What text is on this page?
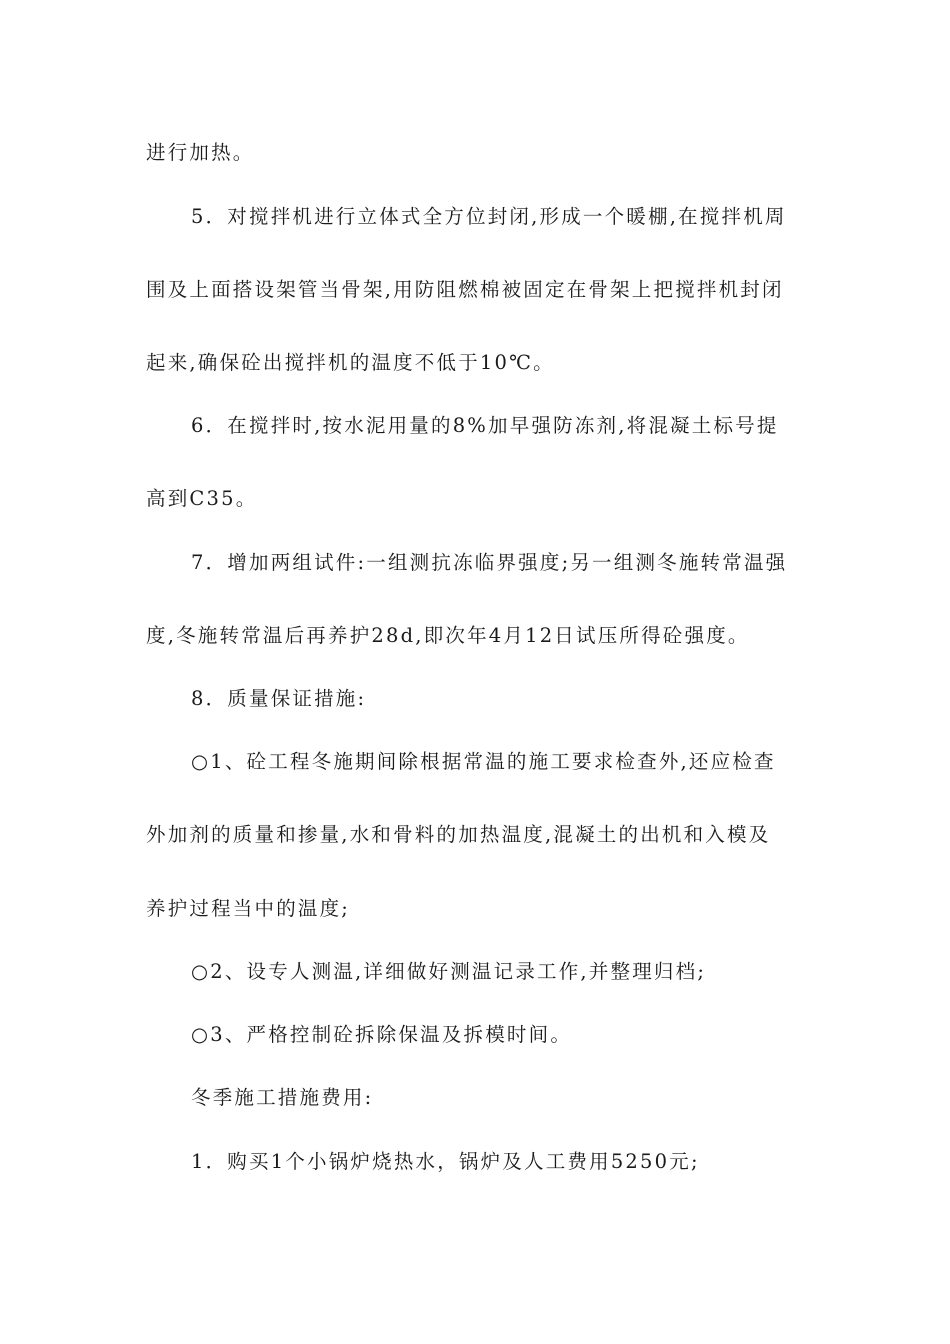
进行加热。
5．对搅拌机进行立体式全方位封闭,形成一个暖棚,在搅拌机周
围及上面搭设架管当骨架,用防阻燃棉被固定在骨架上把搅拌机封闭
起来,确保砼出搅拌机的温度不低于10℃。
6．在搅拌时,按水泥用量的8%加早强防冻剂,将混凝土标号提
高到C35。
7．增加两组试件:一组测抗冻临界强度;另一组测冬施转常温强
度,冬施转常温后再养护28d,即次年4月12日试压所得砼强度。
8．质量保证措施:
○1、砼工程冬施期间除根据常温的施工要求检查外,还应检查
外加剂的质量和掺量,水和骨料的加热温度,混凝土的出机和入模及
养护过程当中的温度;
○2、设专人测温,详细做好测温记录工作,并整理归档;
○3、严格控制砼拆除保温及拆模时间。
冬季施工措施费用:
1．购买1个小锅炉烧热水，锅炉及人工费用5250元;
